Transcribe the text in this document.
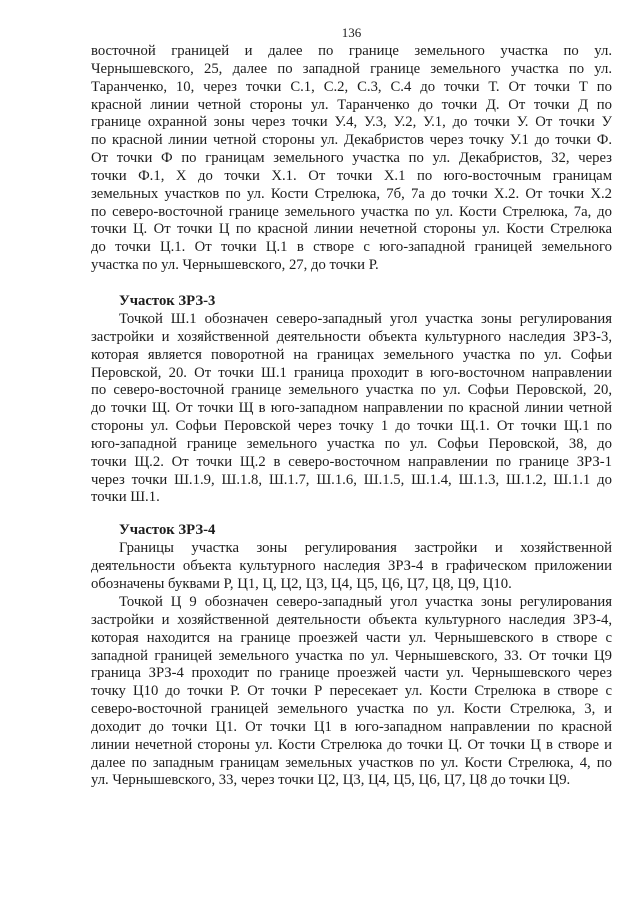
136
восточной границей и далее по границе земельного участка по ул.
Чернышевского, 25, далее по западной границе земельного участка по ул.
Таранченко, 10, через точки С.1, С.2, С.3, С.4 до точки Т. От точки Т по
красной линии четной стороны ул. Таранченко до точки Д. От точки Д по
границе охранной зоны через точки У.4, У.3, У.2, У.1, до точки У. От точки У
по красной линии четной стороны ул. Декабристов через точку У.1 до точки Ф.
От точки Ф по границам земельного участка по ул. Декабристов, 32, через
точки Ф.1, Х до точки Х.1. От точки Х.1 по юго-восточным границам
земельных участков по ул. Кости Стрелюка, 7б, 7а до точки Х.2. От точки Х.2
по северо-восточной границе земельного участка по ул. Кости Стрелюка, 7а, до
точки Ц. От точки Ц по красной линии нечетной стороны ул. Кости Стрелюка
до точки Ц.1. От точки Ц.1 в створе с юго-западной границей земельного
участка по ул. Чернышевского, 27, до точки Р.
Участок ЗРЗ-3
Точкой Ш.1 обозначен северо-западный угол участка зоны регулирования
застройки и хозяйственной деятельности объекта культурного наследия ЗРЗ-3,
которая является поворотной на границах земельного участка по ул. Софьи
Перовской, 20. От точки Ш.1 граница проходит в юго-восточном направлении
по северо-восточной границе земельного участка по ул. Софьи Перовской, 20,
до точки Щ. От точки Щ в юго-западном направлении по красной линии четной
стороны ул. Софьи Перовской через точку 1 до точки Щ.1. От точки Щ.1 по
юго-западной границе земельного участка по ул. Софьи Перовской, 38, до
точки Щ.2. От точки Щ.2 в северо-восточном направлении по границе ЗРЗ-1
через точки Ш.1.9, Ш.1.8, Ш.1.7, Ш.1.6, Ш.1.5, Ш.1.4, Ш.1.3, Ш.1.2, Ш.1.1 до
точки Ш.1.
Участок ЗРЗ-4
Границы участка зоны регулирования застройки и хозяйственной
деятельности объекта культурного наследия ЗРЗ-4 в графическом приложении
обозначены буквами Р, Ц1, Ц, Ц2, Ц3, Ц4, Ц5, Ц6, Ц7, Ц8, Ц9, Ц10.
Точкой Ц 9 обозначен северо-западный угол участка зоны регулирования
застройки и хозяйственной деятельности объекта культурного наследия ЗРЗ-4,
которая находится на границе проезжей части ул. Чернышевского в створе с
западной границей земельного участка по ул. Чернышевского, 33. От точки Ц9
граница ЗРЗ-4 проходит по границе проезжей части ул. Чернышевского через
точку Ц10 до точки Р. От точки Р пересекает ул. Кости Стрелюка в створе с
северо-восточной границей земельного участка по ул. Кости Стрелюка, 3, и
доходит до точки Ц1. От точки Ц1 в юго-западном направлении по красной
линии нечетной стороны ул. Кости Стрелюка до точки Ц. От точки Ц в створе и
далее по западным границам земельных участков по ул. Кости Стрелюка, 4, по
ул. Чернышевского, 33, через точки Ц2, Ц3, Ц4, Ц5, Ц6, Ц7, Ц8 до точки Ц9.
